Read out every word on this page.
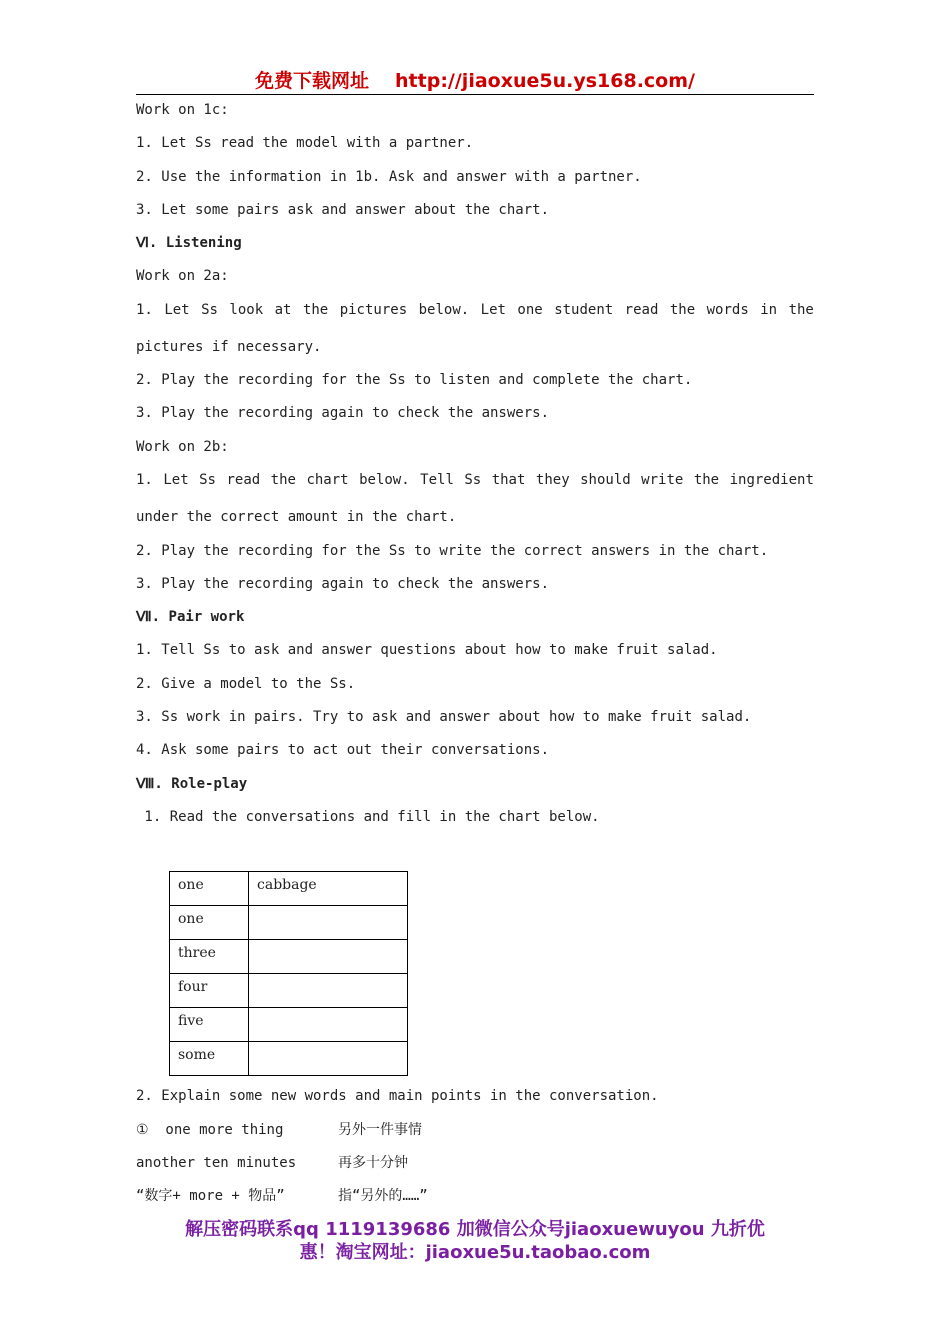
免费下载网址 http://jiaoxue5u.ys168.com/
Work on 1c:
1. Let Ss read the model with a partner.
2. Use the information in 1b. Ask and answer with a partner.
3. Let some pairs ask and answer about the chart.
Ⅵ. Listening
Work on 2a:
1. Let Ss look at the pictures below. Let one student read the words in the
pictures if necessary.
2. Play the recording for the Ss to listen and complete the chart.
3. Play the recording again to check the answers.
Work on 2b:
1. Let Ss read the chart below. Tell Ss that they should write the ingredient
under the correct amount in the chart.
2. Play the recording for the Ss to write the correct answers in the chart.
3. Play the recording again to check the answers.
Ⅶ. Pair work
1. Tell Ss to ask and answer questions about how to make fruit salad.
2. Give a model to the Ss.
3. Ss work in pairs. Try to ask and answer about how to make fruit salad.
4. Ask some pairs to act out their conversations.
Ⅷ. Role-play
1. Read the conversations and fill in the chart below.
one	cabbage
one	
three	
four	
five	
some	
2. Explain some new words and main points in the conversation.
①  one more thing	另外一件事情
another ten minutes	再多十分钟
“数字+ more + 物品”	指“另外的……”
解压密码联系qq 1119139686 加微信公众号jiaoxuewuyou 九折优
惠！淘宝网址：jiaoxue5u.taobao.com
